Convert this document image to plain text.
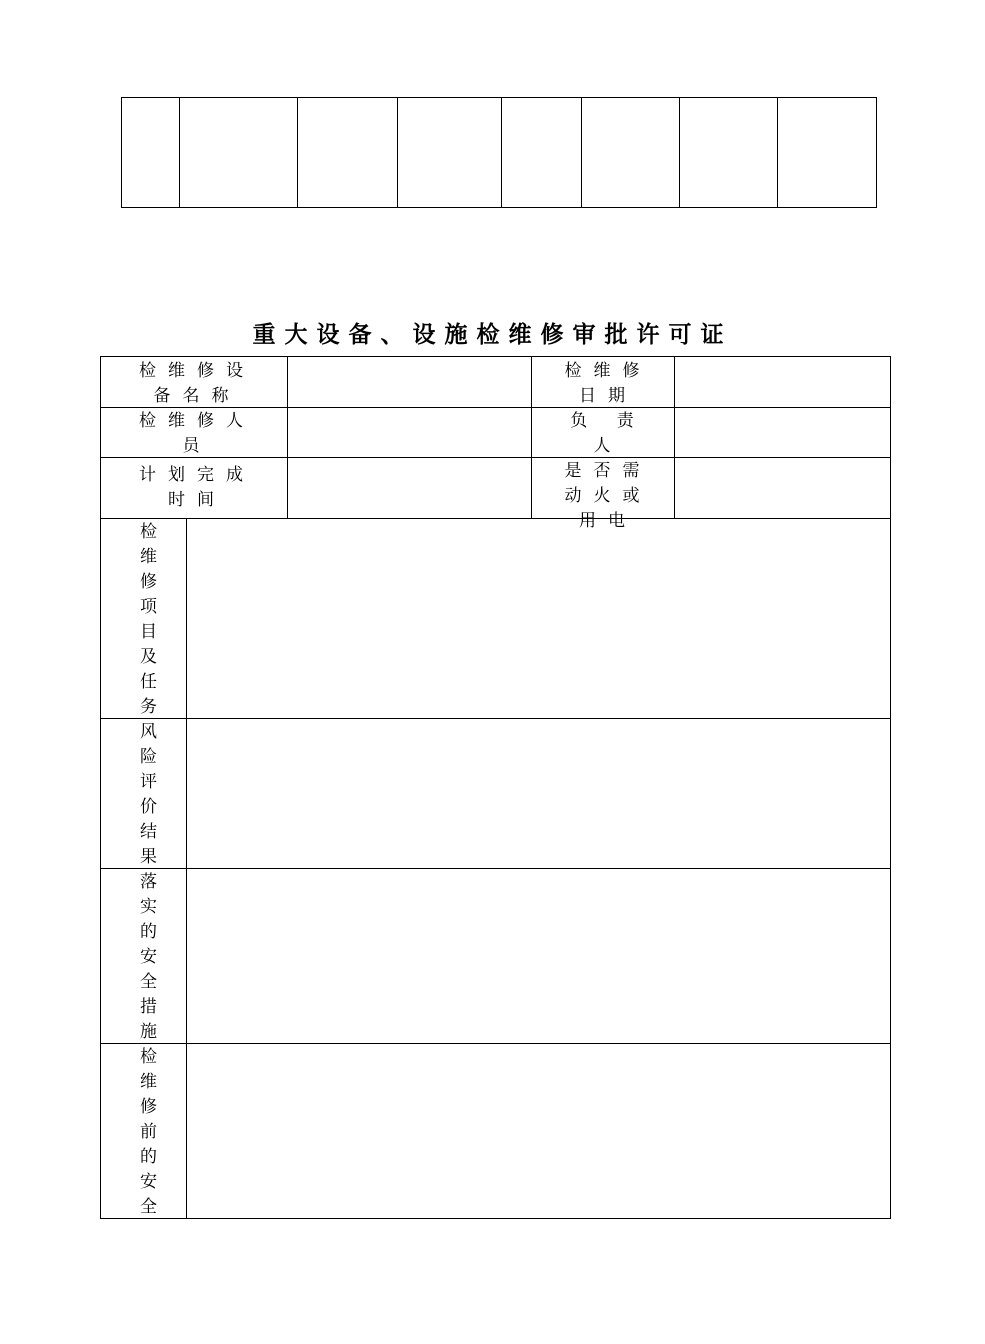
重大设备、设施检维修审批许可证
检维修设备名称
检维修日期
检维修人员
负 责 人
计划完成时间
是否需动火或用电
检维修项目及任务
风险评价结果
落实的安全措施
检维修前的安全
